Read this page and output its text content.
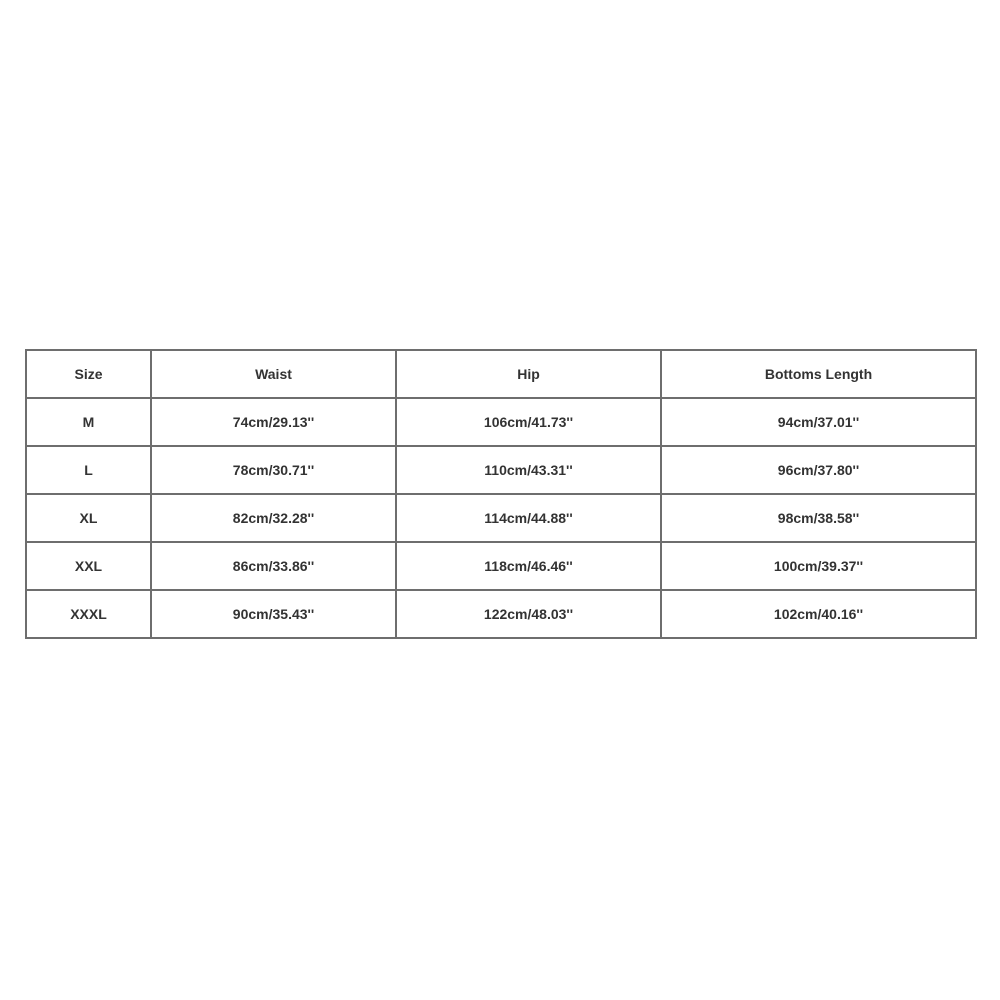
Size	Waist	Hip	Bottoms Length
M	74cm/29.13''	106cm/41.73''	94cm/37.01''
L	78cm/30.71''	110cm/43.31''	96cm/37.80''
XL	82cm/32.28''	114cm/44.88''	98cm/38.58''
XXL	86cm/33.86''	118cm/46.46''	100cm/39.37''
XXXL	90cm/35.43''	122cm/48.03''	102cm/40.16''
